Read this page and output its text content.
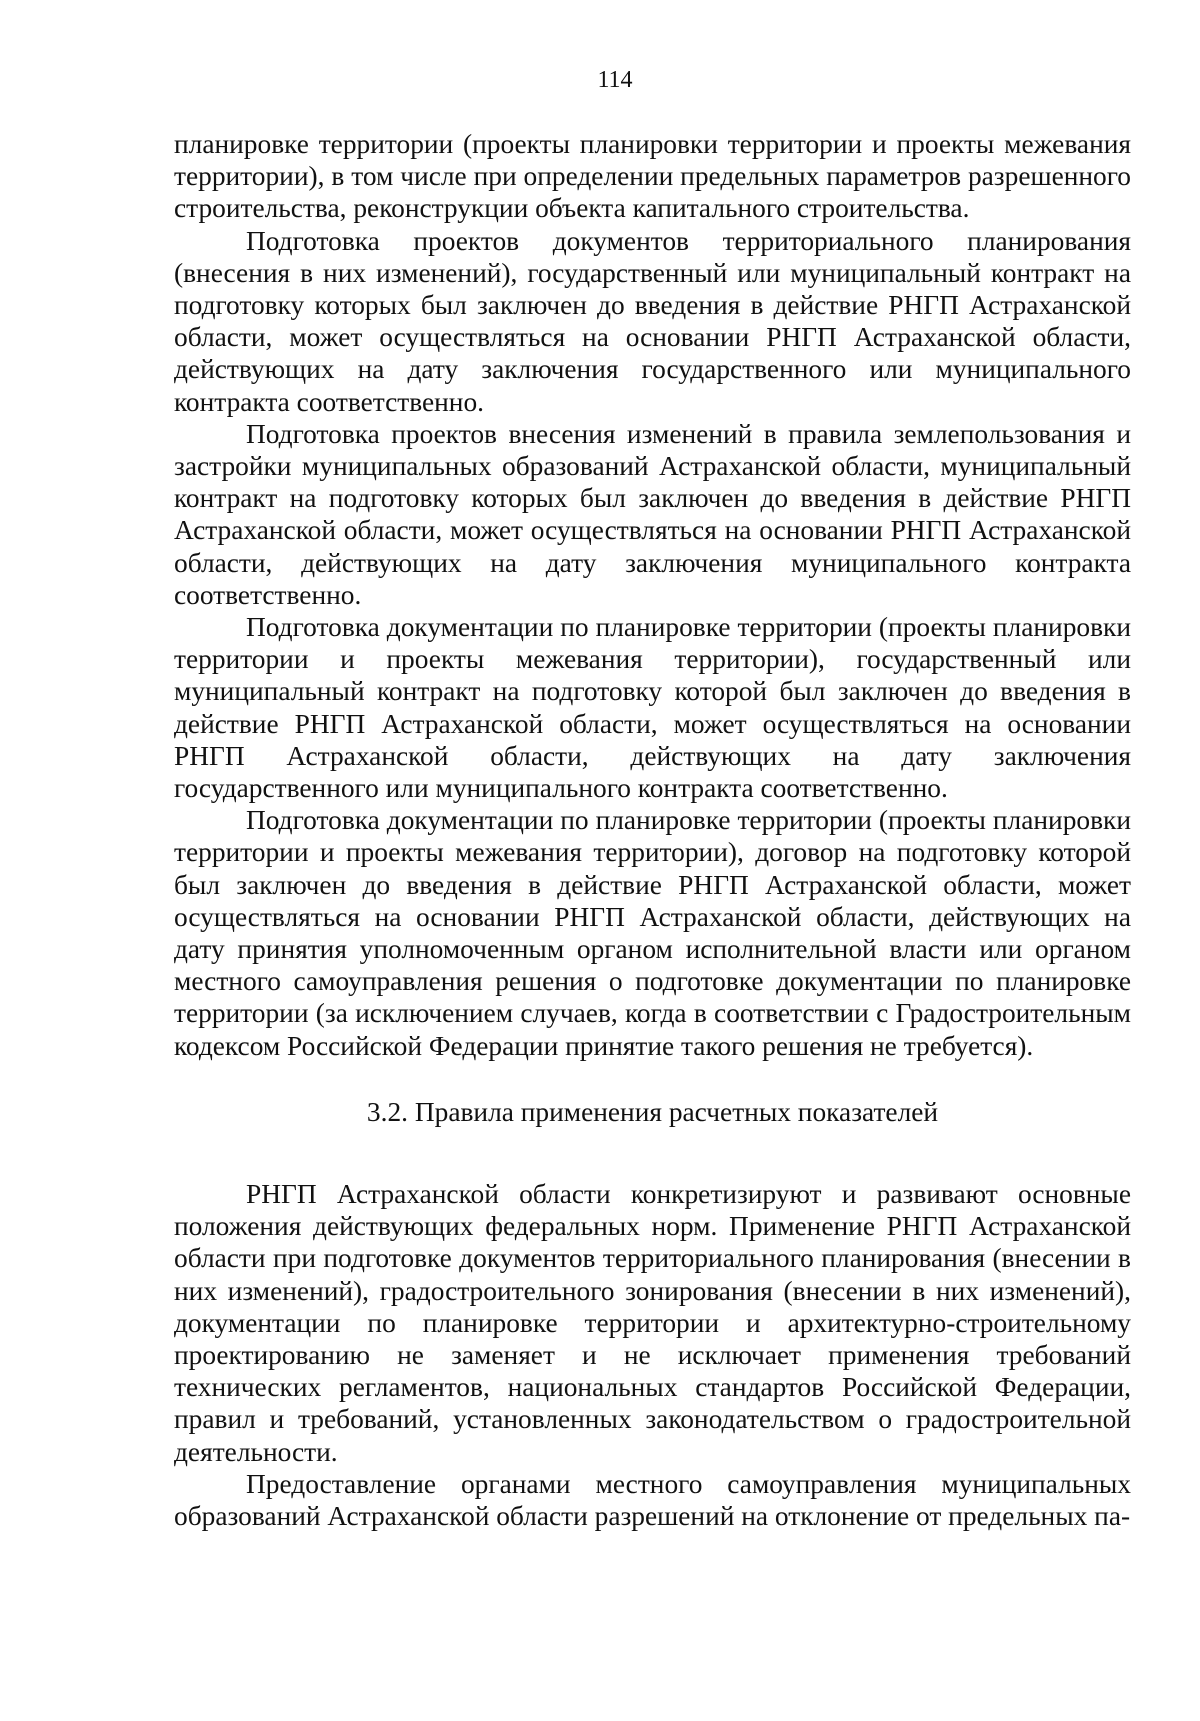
114

планировке территории (проекты планировки территории и проекты межевания территории), в том числе при определении предельных параметров разрешенного строительства, реконструкции объекта капитального строительства.

Подготовка проектов документов территориального планирования (внесения в них изменений), государственный или муниципальный контракт на подготовку которых был заключен до введения в действие РНГП Астраханской области, может осуществляться на основании РНГП Астраханской области, действующих на дату заключения государственного или муниципального контракта соответственно.

Подготовка проектов внесения изменений в правила землепользования и застройки муниципальных образований Астраханской области, муниципальный контракт на подготовку которых был заключен до введения в действие РНГП Астраханской области, может осуществляться на основании РНГП Астраханской области, действующих на дату заключения муниципального контракта соответственно.

Подготовка документации по планировке территории (проекты планировки территории и проекты межевания территории), государственный или муниципальный контракт на подготовку которой был заключен до введения в действие РНГП Астраханской области, может осуществляться на основании РНГП Астраханской области, действующих на дату заключения государственного или муниципального контракта соответственно.

Подготовка документации по планировке территории (проекты планировки территории и проекты межевания территории), договор на подготовку которой был заключен до введения в действие РНГП Астраханской области, может осуществляться на основании РНГП Астраханской области, действующих на дату принятия уполномоченным органом исполнительной власти или органом местного самоуправления решения о подготовке документации по планировке территории (за исключением случаев, когда в соответствии с Градостроительным кодексом Российской Федерации принятие такого решения не требуется).

3.2. Правила применения расчетных показателей

РНГП Астраханской области конкретизируют и развивают основные положения действующих федеральных норм. Применение РНГП Астраханской области при подготовке документов территориального планирования (внесении в них изменений), градостроительного зонирования (внесении в них изменений), документации по планировке территории и архитектурно-строительному проектированию не заменяет и не исключает применения требований технических регламентов, национальных стандартов Российской Федерации, правил и требований, установленных законодательством о градостроительной деятельности.

Предоставление органами местного самоуправления муниципальных образований Астраханской области разрешений на отклонение от предельных па-
